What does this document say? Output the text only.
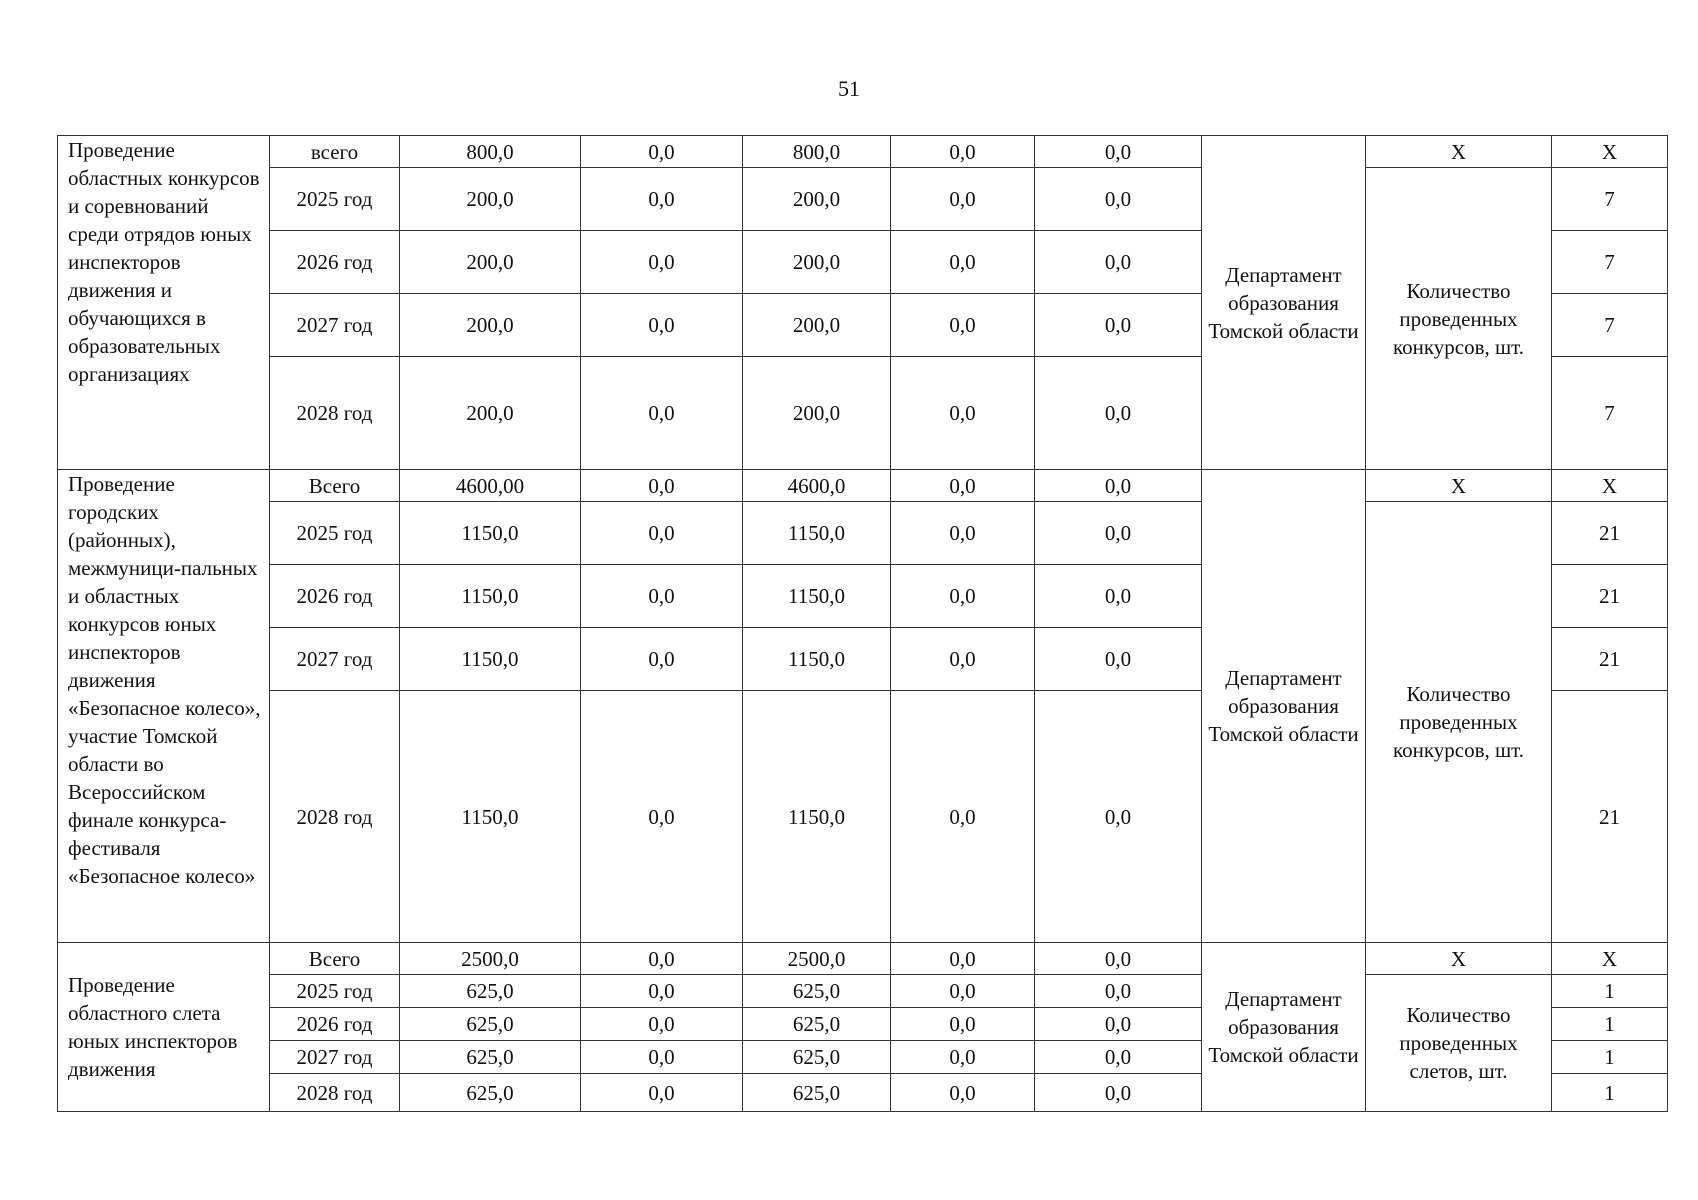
51
Проведение областных конкурсов и соревнований среди отрядов юных инспекторов движения и обучающихся в образовательных организациях	всего	800,0	0,0	800,0	0,0	0,0	Департамент образования Томской области	Х	Х
	2025 год	200,0	0,0	200,0	0,0	0,0		Количество проведенных конкурсов, шт.	7
	2026 год	200,0	0,0	200,0	0,0	0,0			7
	2027 год	200,0	0,0	200,0	0,0	0,0			7
	2028 год	200,0	0,0	200,0	0,0	0,0			7
Проведение городских (районных), межмуници-пальных и областных конкурсов юных инспекторов движения «Безопасное колесо», участие Томской области во Всероссийском финале конкурса-фестиваля «Безопасное колесо»	Всего	4600,00	0,0	4600,0	0,0	0,0	Департамент образования Томской области	Х	Х
	2025 год	1150,0	0,0	1150,0	0,0	0,0		Количество проведенных конкурсов, шт.	21
	2026 год	1150,0	0,0	1150,0	0,0	0,0			21
	2027 год	1150,0	0,0	1150,0	0,0	0,0			21
	2028 год	1150,0	0,0	1150,0	0,0	0,0			21
Проведение областного слета юных инспекторов движения	Всего	2500,0	0,0	2500,0	0,0	0,0	Департамент образования Томской области	Х	Х
	2025 год	625,0	0,0	625,0	0,0	0,0		Количество проведенных слетов, шт.	1
	2026 год	625,0	0,0	625,0	0,0	0,0			1
	2027 год	625,0	0,0	625,0	0,0	0,0			1
	2028 год	625,0	0,0	625,0	0,0	0,0			1
